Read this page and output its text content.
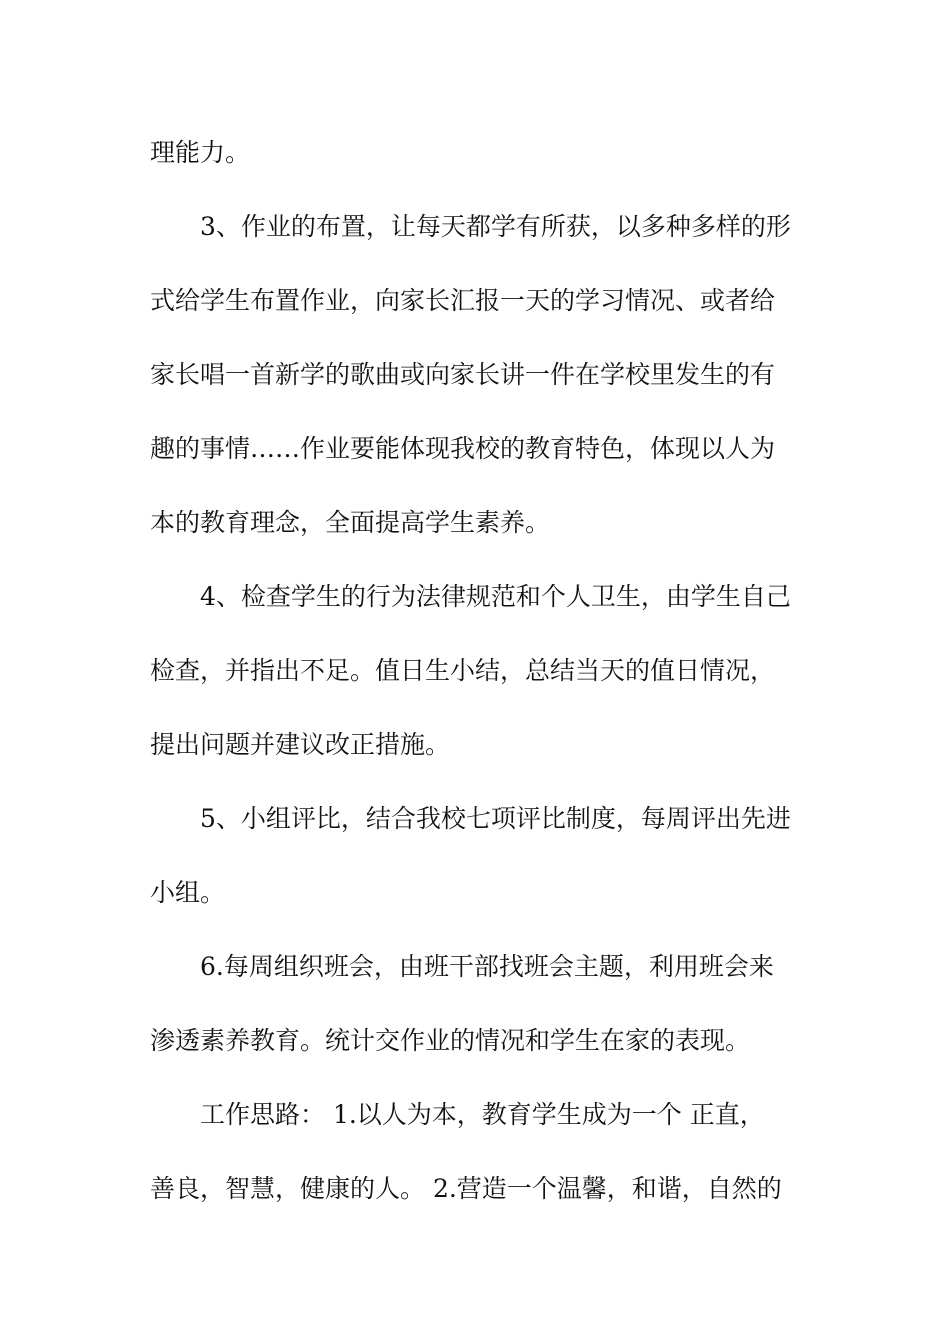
理能力。
3、作业的布置，让每天都学有所获，以多种多样的形
式给学生布置作业，向家长汇报一天的学习情况、或者给
家长唱一首新学的歌曲或向家长讲一件在学校里发生的有
趣的事情……作业要能体现我校的教育特色，体现以人为
本的教育理念，全面提高学生素养。
4、检查学生的行为法律规范和个人卫生，由学生自己
检查，并指出不足。值日生小结，总结当天的值日情况，
提出问题并建议改正措施。
5、小组评比，结合我校七项评比制度，每周评出先进
小组。
6.每周组织班会，由班干部找班会主题，利用班会来
渗透素养教育。统计交作业的情况和学生在家的表现。
工作思路： 1.以人为本，教育学生成为一个 正直，
善良，智慧，健康的人。 2.营造一个温馨，和谐，自然的
